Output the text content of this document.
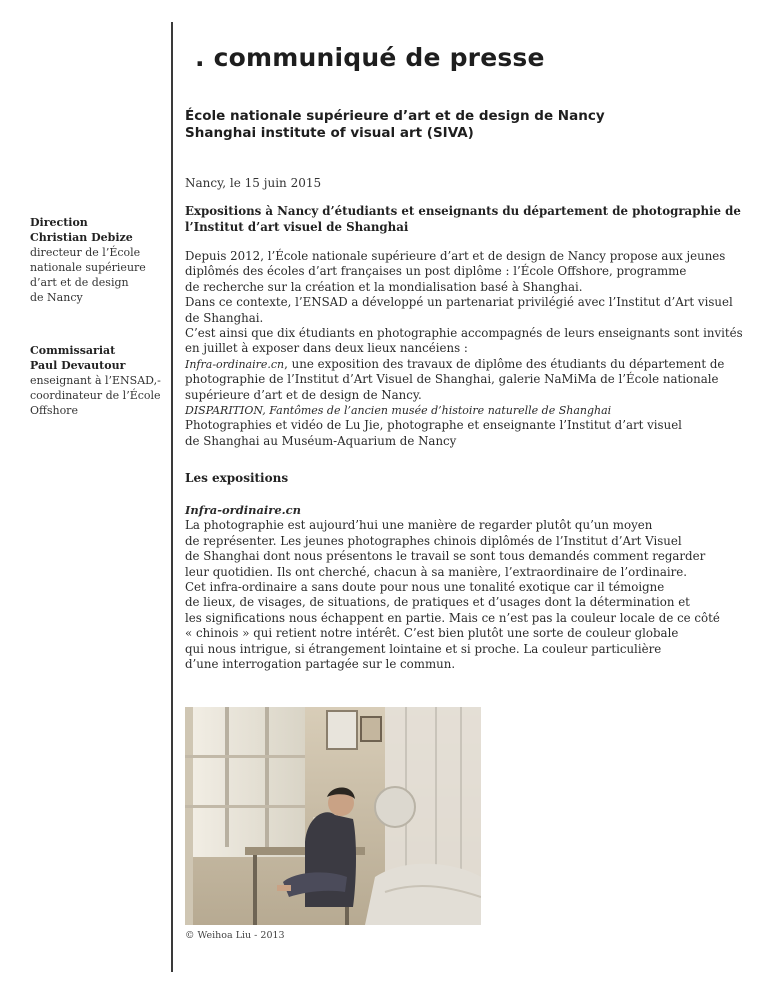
. communiqué de presse
École nationale supérieure d’art et de design de Nancy
Shanghai institute of visual art (SIVA)
Nancy, le 15 juin 2015
Direction
Christian Debize
directeur de l’École
nationale supérieure
d’art et de design
de Nancy
Commissariat
Paul Devautour
enseignant à l’ENSAD,-
coordinateur de l’École
Offshore
Expositions à Nancy d’étudiants et enseignants du département de photographie de
l’Institut d’art visuel de Shanghai

Depuis 2012, l’École nationale supérieure d’art et de design de Nancy propose aux jeunes

diplômés des écoles d’art françaises un post diplôme : l’École Offshore, programme

de recherche sur la création et la mondialisation basé à Shanghai.

Dans ce contexte, l’ENSAD a développé un partenariat privilégié avec l’Institut d’Art visuel

de Shanghai.

C’est ainsi que dix étudiants en photographie accompagnés de leurs enseignants sont invités

en juillet à exposer dans deux lieux nancéiens :

Infra-ordinaire.cn, une exposition des travaux de diplôme des étudiants du département de

photographie de l’Institut d’Art Visuel de Shanghai, galerie NaMiMa de l’École nationale

supérieure d’art et de design de Nancy.

DISPARITION, Fantômes de l’ancien musée d’histoire naturelle de Shanghai

Photographies et vidéo de Lu Jie, photographe et enseignante l’Institut d’art visuel

de Shanghai au Muséum-Aquarium de Nancy

Les expositions

Infra-ordinaire.cn

La photographie est aujourd’hui une manière de regarder plutôt qu’un moyen

de représenter. Les jeunes photographes chinois diplômés de l’Institut d’Art Visuel

de Shanghai dont nous présentons le travail se sont tous demandés comment regarder

leur quotidien. Ils ont cherché, chacun à sa manière, l’extraordinaire de l’ordinaire.

Cet infra-ordinaire a sans doute pour nous une tonalité exotique car il témoigne

de lieux, de visages, de situations, de pratiques et d’usages dont la détermination et

les significations nous échappent en partie. Mais ce n’est pas la couleur locale de ce côté

« chinois » qui retient notre intérêt. C’est bien plutôt une sorte de couleur globale

qui nous intrigue, si étrangement lointaine et si proche. La couleur particulière

d’une interrogation partagée sur le commun.

© Weihoa Liu - 2013
